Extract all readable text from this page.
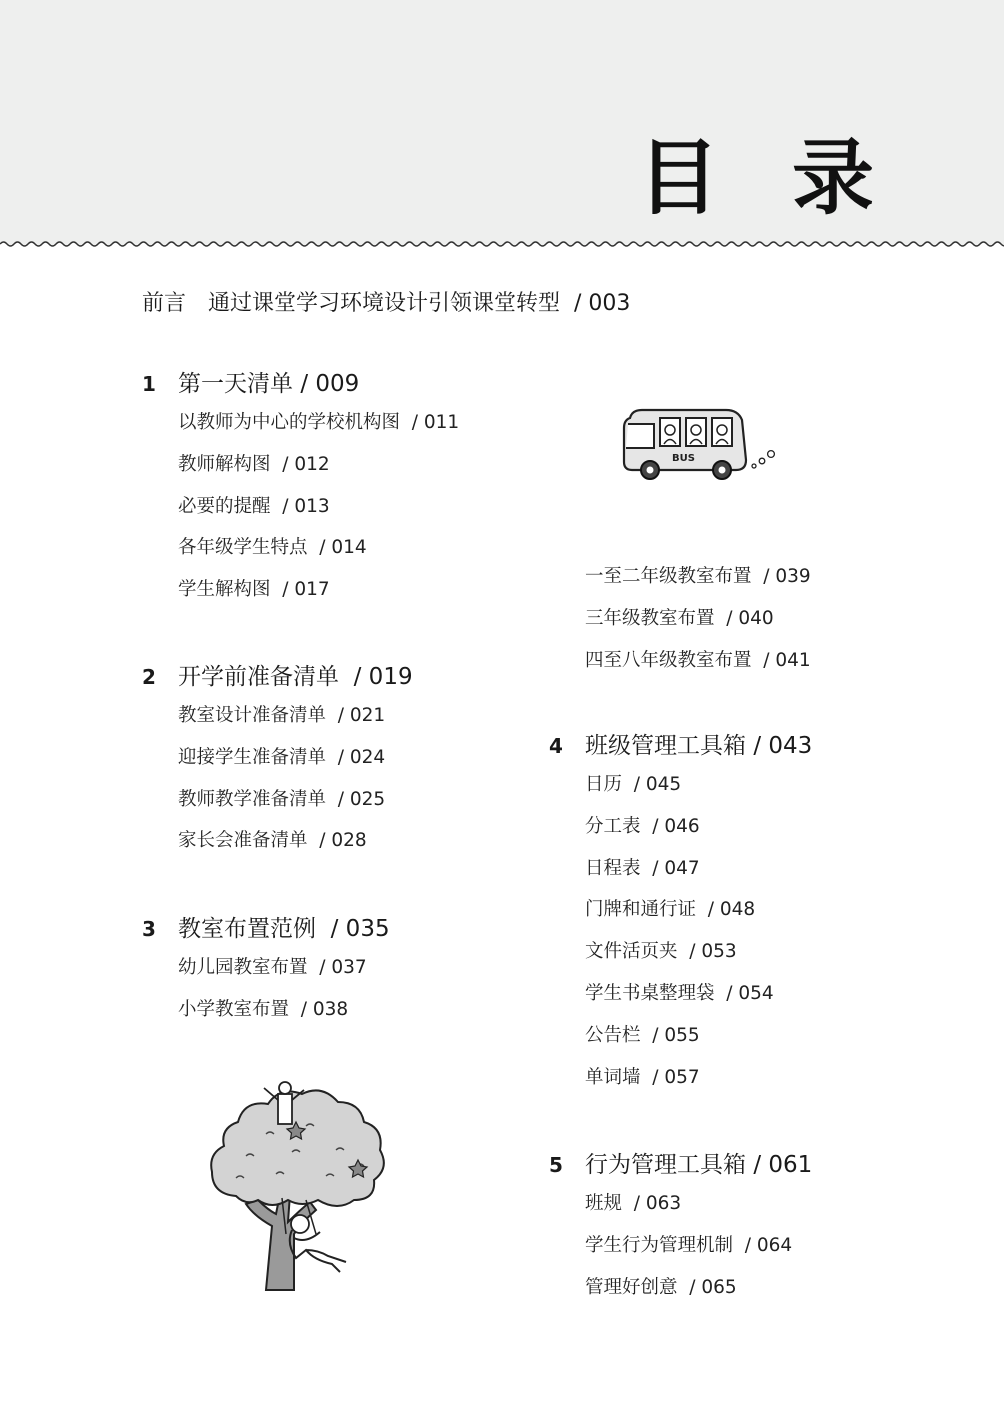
目 录
前言 通过课堂学习环境设计引领课堂转型 / 003
1 第一天清单 / 009
以教师为中心的学校机构图 / 011
教师解构图 / 012
必要的提醒 / 013
各年级学生特点 / 014
学生解构图 / 017
2 开学前准备清单 / 019
教室设计准备清单 / 021
迎接学生准备清单 / 024
教师教学准备清单 / 025
家长会准备清单 / 028
3 教室布置范例 / 035
幼儿园教室布置 / 037
小学教室布置 / 038
一至二年级教室布置 / 039
三年级教室布置 / 040
四至八年级教室布置 / 041
4 班级管理工具箱 / 043
日历 / 045
分工表 / 046
日程表 / 047
门牌和通行证 / 048
文件活页夹 / 053
学生书桌整理袋 / 054
公告栏 / 055
单词墙 / 057
5 行为管理工具箱 / 061
班规 / 063
学生行为管理机制 / 064
管理好创意 / 065
BUS
